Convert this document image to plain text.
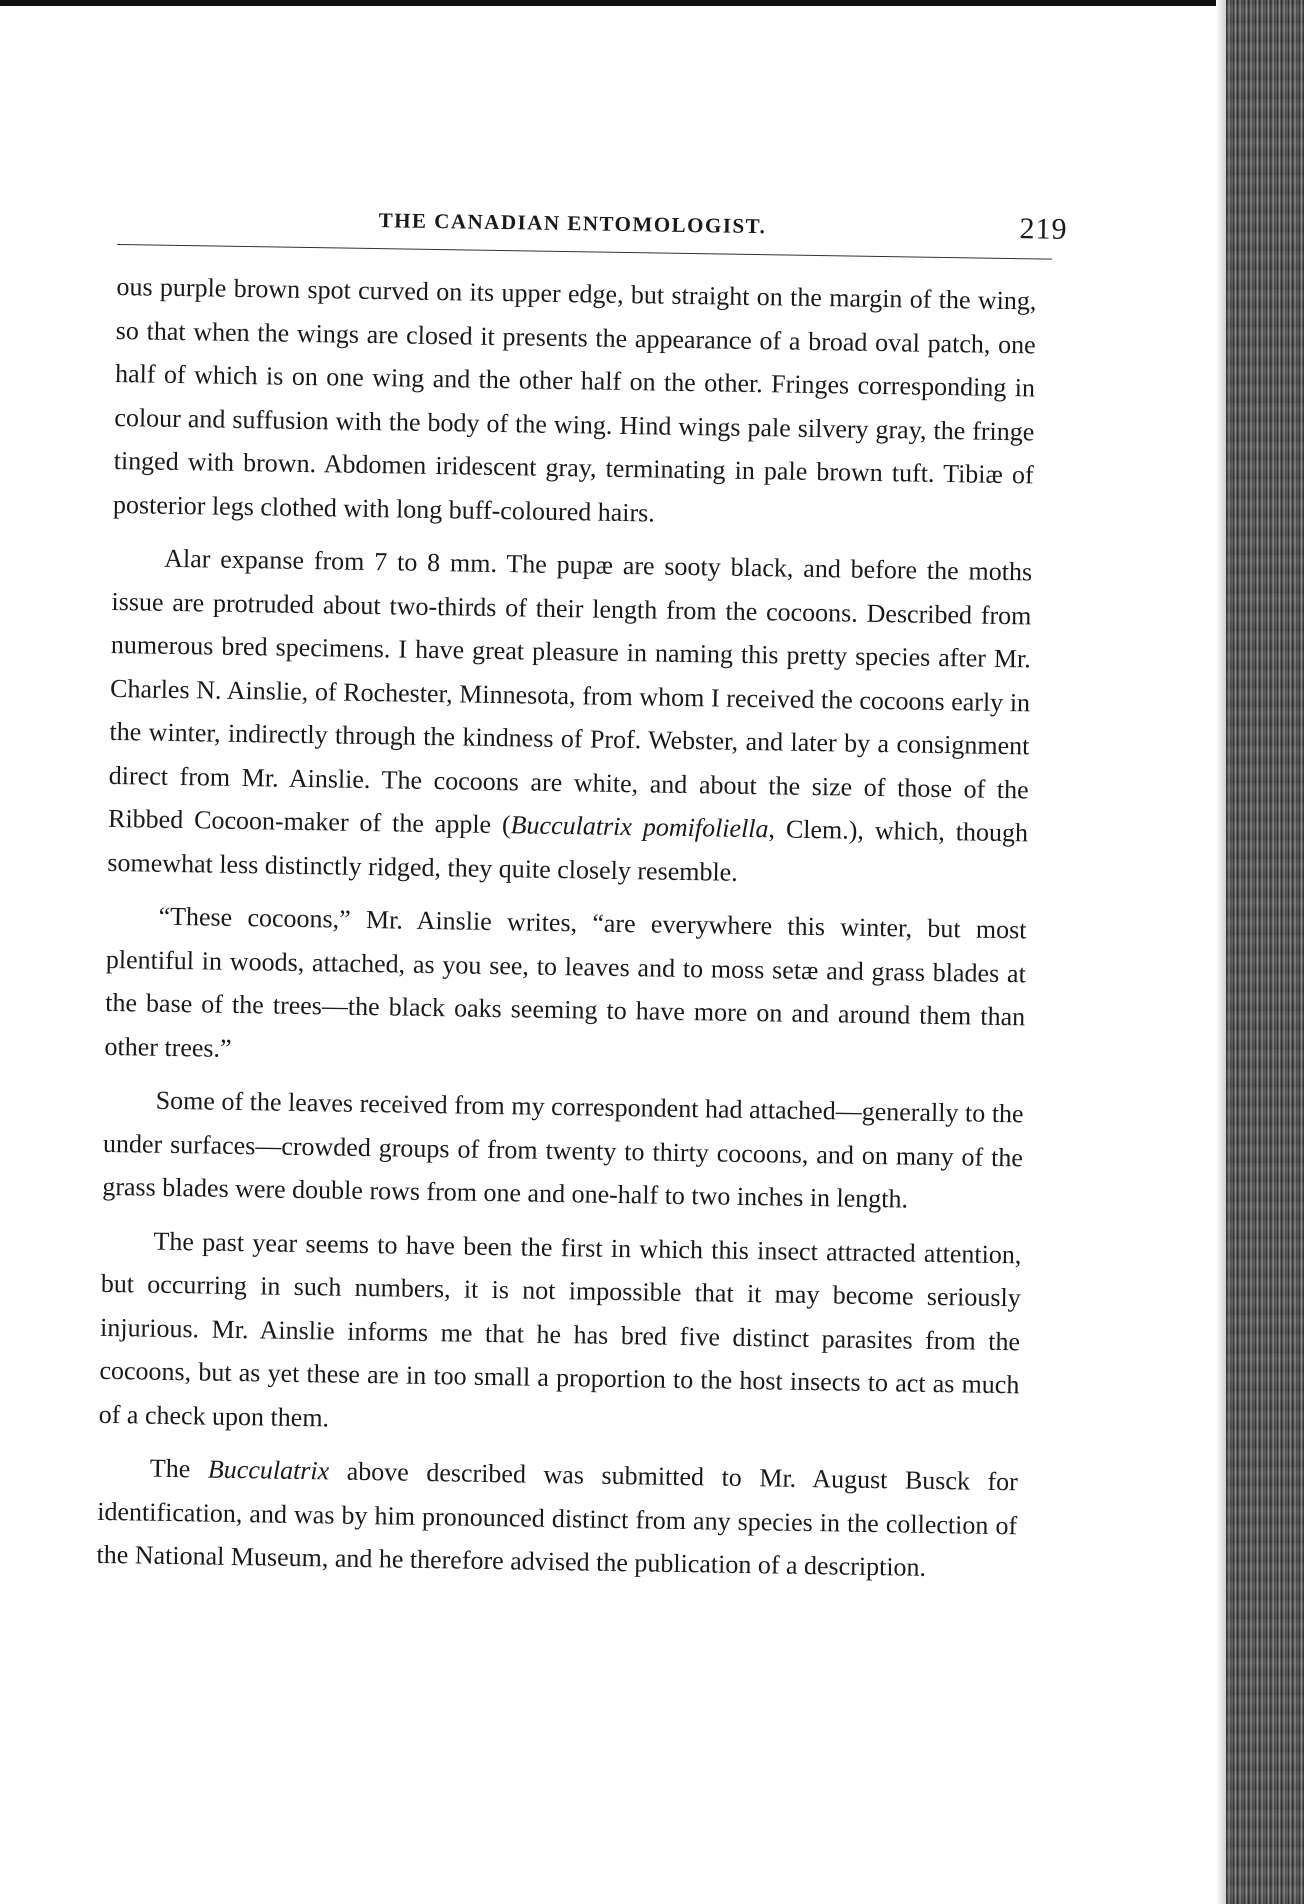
THE CANADIAN ENTOMOLOGIST.	219

ous purple brown spot curved on its upper edge, but straight on the margin of the wing, so that when the wings are closed it presents the appearance of a broad oval patch, one half of which is on one wing and the other half on the other. Fringes corresponding in colour and suffusion with the body of the wing. Hind wings pale silvery gray, the fringe tinged with brown. Abdomen iridescent gray, terminating in pale brown tuft. Tibiæ of posterior legs clothed with long buff-coloured hairs.

Alar expanse from 7 to 8 mm. The pupæ are sooty black, and before the moths issue are protruded about two-thirds of their length from the cocoons. Described from numerous bred specimens. I have great pleasure in naming this pretty species after Mr. Charles N. Ainslie, of Rochester, Minnesota, from whom I received the cocoons early in the winter, indirectly through the kindness of Prof. Webster, and later by a consignment direct from Mr. Ainslie. The cocoons are white, and about the size of those of the Ribbed Cocoon-maker of the apple (Bucculatrix pomifoliella, Clem.), which, though somewhat less distinctly ridged, they quite closely resemble.

“These cocoons,” Mr. Ainslie writes, “are everywhere this winter, but most plentiful in woods, attached, as you see, to leaves and to moss setæ and grass blades at the base of the trees—the black oaks seeming to have more on and around them than other trees.”

Some of the leaves received from my correspondent had attached—generally to the under surfaces—crowded groups of from twenty to thirty cocoons, and on many of the grass blades were double rows from one and one-half to two inches in length.

The past year seems to have been the first in which this insect attracted attention, but occurring in such numbers, it is not impossible that it may become seriously injurious. Mr. Ainslie informs me that he has bred five distinct parasites from the cocoons, but as yet these are in too small a proportion to the host insects to act as much of a check upon them.

The Bucculatrix above described was submitted to Mr. August Busck for identification, and was by him pronounced distinct from any species in the collection of the National Museum, and he therefore advised the publication of a description.
